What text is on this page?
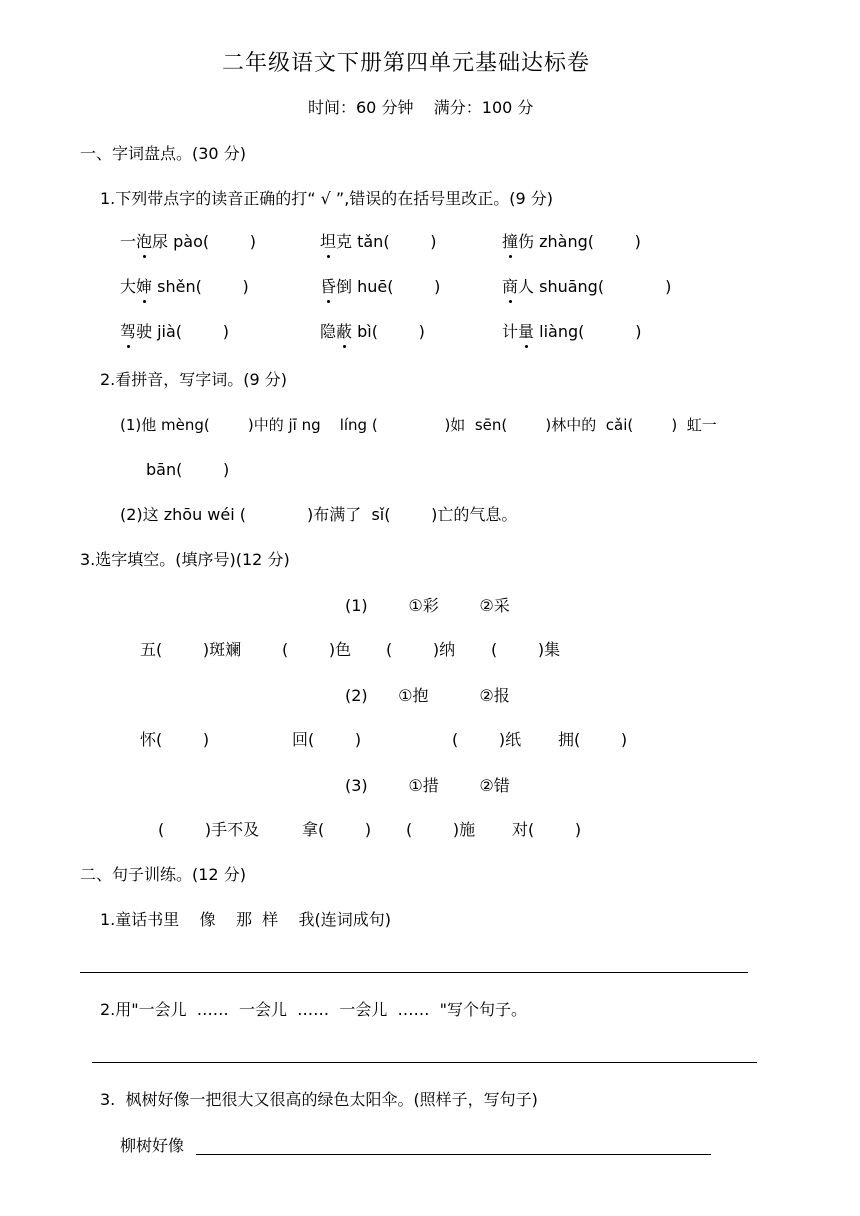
二年级语文下册第四单元基础达标卷
时间：60 分钟    满分：100 分
一、字词盘点。(30 分)
1.下列带点字的读音正确的打“ √ ”,错误的在括号里改正。(9 分)
一泡尿 pào(        )	坦克 tǎn(        )	撞伤 zhàng(        )
大婶 shěn(        )	昏倒 huē(        )	商人 shuāng(            )
驾驶 jià(        )	隐蔽 bì(        )	计量 liàng(          )
2.看拼音，写字词。(9 分)
(1)他 mèng(        )中的 jī ng    líng (              )如  sēn(        )林中的  cǎi(        )  虹一
bān(        )
(2)这 zhōu wéi (            )布满了  sǐ(        )亡的气息。
3.选字填空。(填序号)(12 分)
(1)        ①彩        ②采
五(        )斑斓	(        )色 (        )纳 (        )集
(2)      ①抱          ②报
怀(        )	回(        )	(        )纸 拥(        )
(3)        ①措        ②错
(        )手不及	拿(        ) (        )施 对(        )
二、句子训练。(12 分)
1.童话书里    像    那  样    我(连词成句)
2.用"一会儿  ……  一会儿  ……  一会儿  ……  "写个句子。
3.  枫树好像一把很大又很高的绿色太阳伞。(照样子，写句子)
柳树好像
